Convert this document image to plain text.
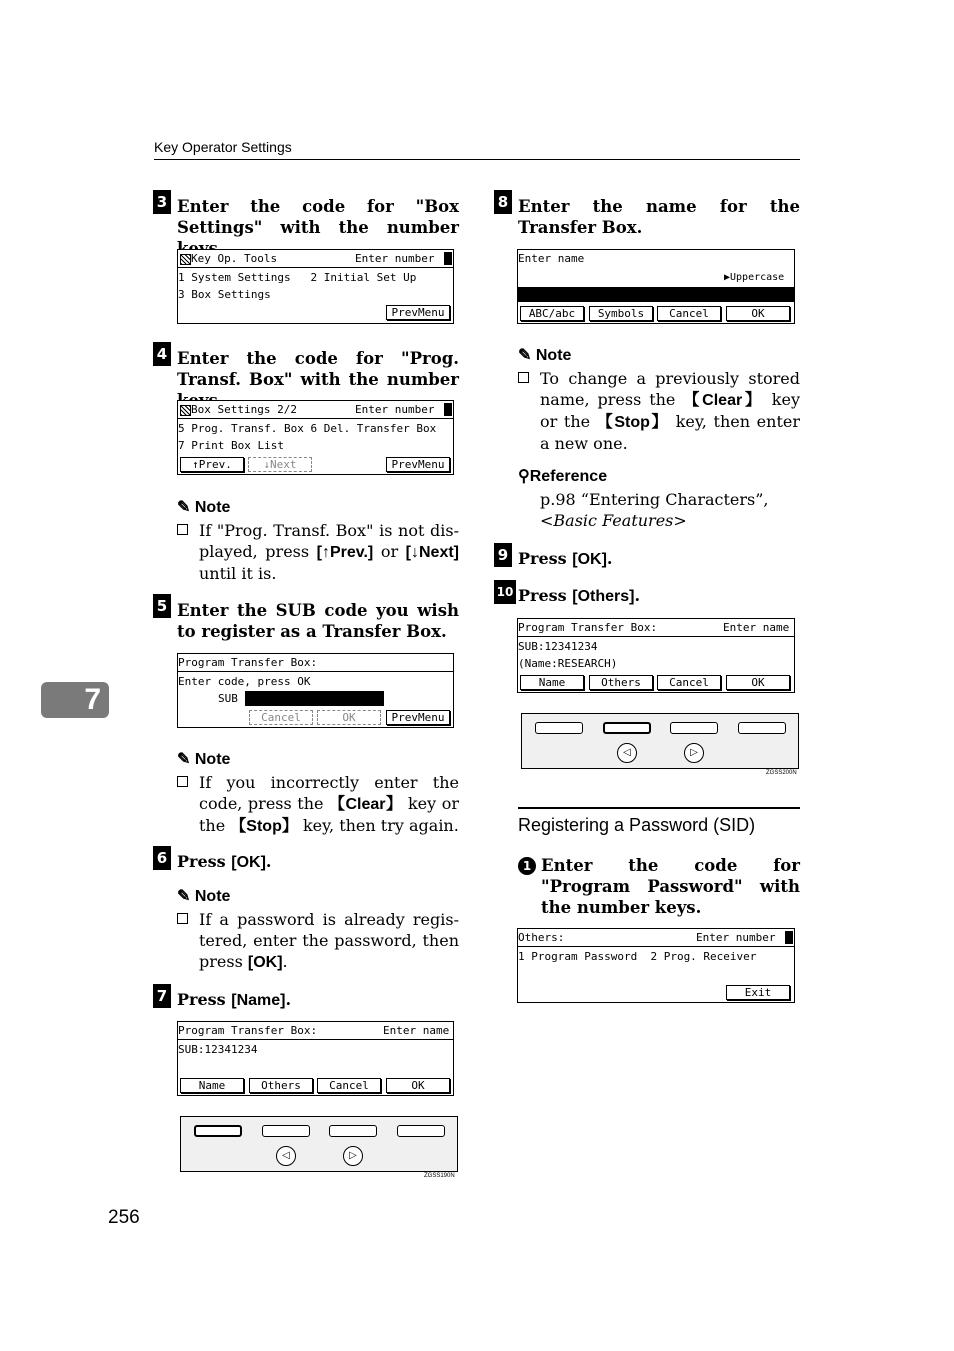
Key Operator Settings
7
256
3 Enter the code for "Box Settings" with the number
Key Op. Tools	Enter number
1 System Settings   2 Initial Set Up
3 Box Settings
PrevMenu
4 Enter the code for "Prog. Transf. Box" with the number
Box Settings 2/2	Enter number
5 Prog. Transf. Box 6 Del. Transfer Box
7 Print Box List
↑Prev.	↓Next	PrevMenu
✎ Note
If "Prog. Transf. Box" is not dis-played, press [↑Prev.] or [↓Next] until it is.
5 Enter the SUB code you wish to register as a Transfer Box.
Program Transfer Box:
Enter code, press OK
SUB
Cancel	OK	PrevMenu
✎ Note
If you incorrectly enter the code, press the 【Clear】 key or the 【Stop】 key, then try again.
6 Press [OK].
✎ Note
If a password is already regis-tered, enter the password, then press [OK].
7 Press [Name].
Program Transfer Box:	Enter name
SUB:12341234
Name	Others	Cancel	OK
◁	▷
ZGSS190N
8 Enter the name for the Transfer Box.
Enter name
▶Uppercase
ABC/abc	Symbols	Cancel	OK
✎ Note
To change a previously stored name, press the 【Clear】 key or the 【Stop】 key, then enter a new one.
⚲Reference
p.98 “Entering Characters”,
<Basic Features>
9 Press [OK].
10 Press [Others].
Program Transfer Box:	Enter name
SUB:12341234
(Name:RESEARCH)
Name	Others	Cancel	OK
◁	▷
ZGSS200N
Registering a Password (SID)
1 Enter the code for "Program Password" with the number keys.
Others:	Enter number
1 Program Password  2 Prog. Receiver
Exit
